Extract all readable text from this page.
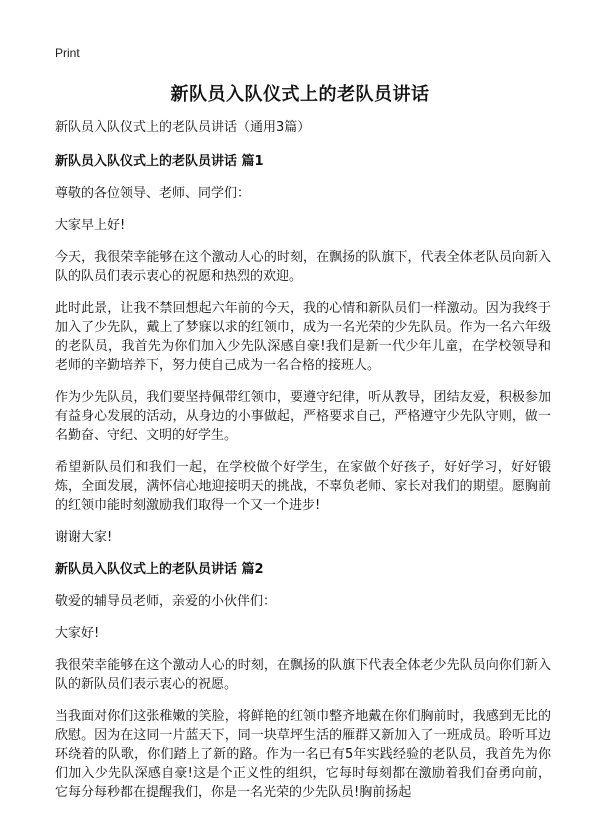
Print
新队员入队仪式上的老队员讲话
新队员入队仪式上的老队员讲话（通用3篇）
新队员入队仪式上的老队员讲话 篇1

尊敬的各位领导、老师、同学们：

大家早上好!

今天，我很荣幸能够在这个激动人心的时刻，在飘扬的队旗下，代表全体老队员向新入队的队员们表示衷心的祝愿和热烈的欢迎。

此时此景，让我不禁回想起六年前的今天，我的心情和新队员们一样激动。因为我终于加入了少先队，戴上了梦寐以求的红领巾，成为一名光荣的少先队员。作为一名六年级的老队员，我首先为你们加入少先队深感自豪!我们是新一代少年儿童，在学校领导和老师的辛勤培养下，努力使自己成为一名合格的接班人。

作为少先队员，我们要坚持佩带红领巾，要遵守纪律，听从教导，团结友爱，积极参加有益身心发展的活动，从身边的小事做起，严格要求自己，严格遵守少先队守则，做一名勤奋、守纪、文明的好学生。

希望新队员们和我们一起，在学校做个好学生，在家做个好孩子，好好学习，好好锻炼，全面发展，满怀信心地迎接明天的挑战，不辜负老师、家长对我们的期望。愿胸前的红领巾能时刻激励我们取得一个又一个进步!

谢谢大家!

新队员入队仪式上的老队员讲话 篇2

敬爱的辅导员老师，亲爱的小伙伴们：

大家好!

我很荣幸能够在这个激动人心的时刻，在飘扬的队旗下代表全体老少先队员向你们新入队的新队员们表示衷心的祝愿。

当我面对你们这张稚嫩的笑脸，将鲜艳的红领巾整齐地戴在你们胸前时，我感到无比的欣慰。因为在这同一片蓝天下，同一块草坪生活的雁群又新加入了一班成员。聆听耳边环绕着的队歌，你们踏上了新的路。作为一名已有5年实践经验的老队员，我首先为你们加入少先队深感自豪!这是个正义性的组织，它每时每刻都在激励着我们奋勇向前，它每分每秒都在提醒我们，你是一名光荣的少先队员!胸前扬起
